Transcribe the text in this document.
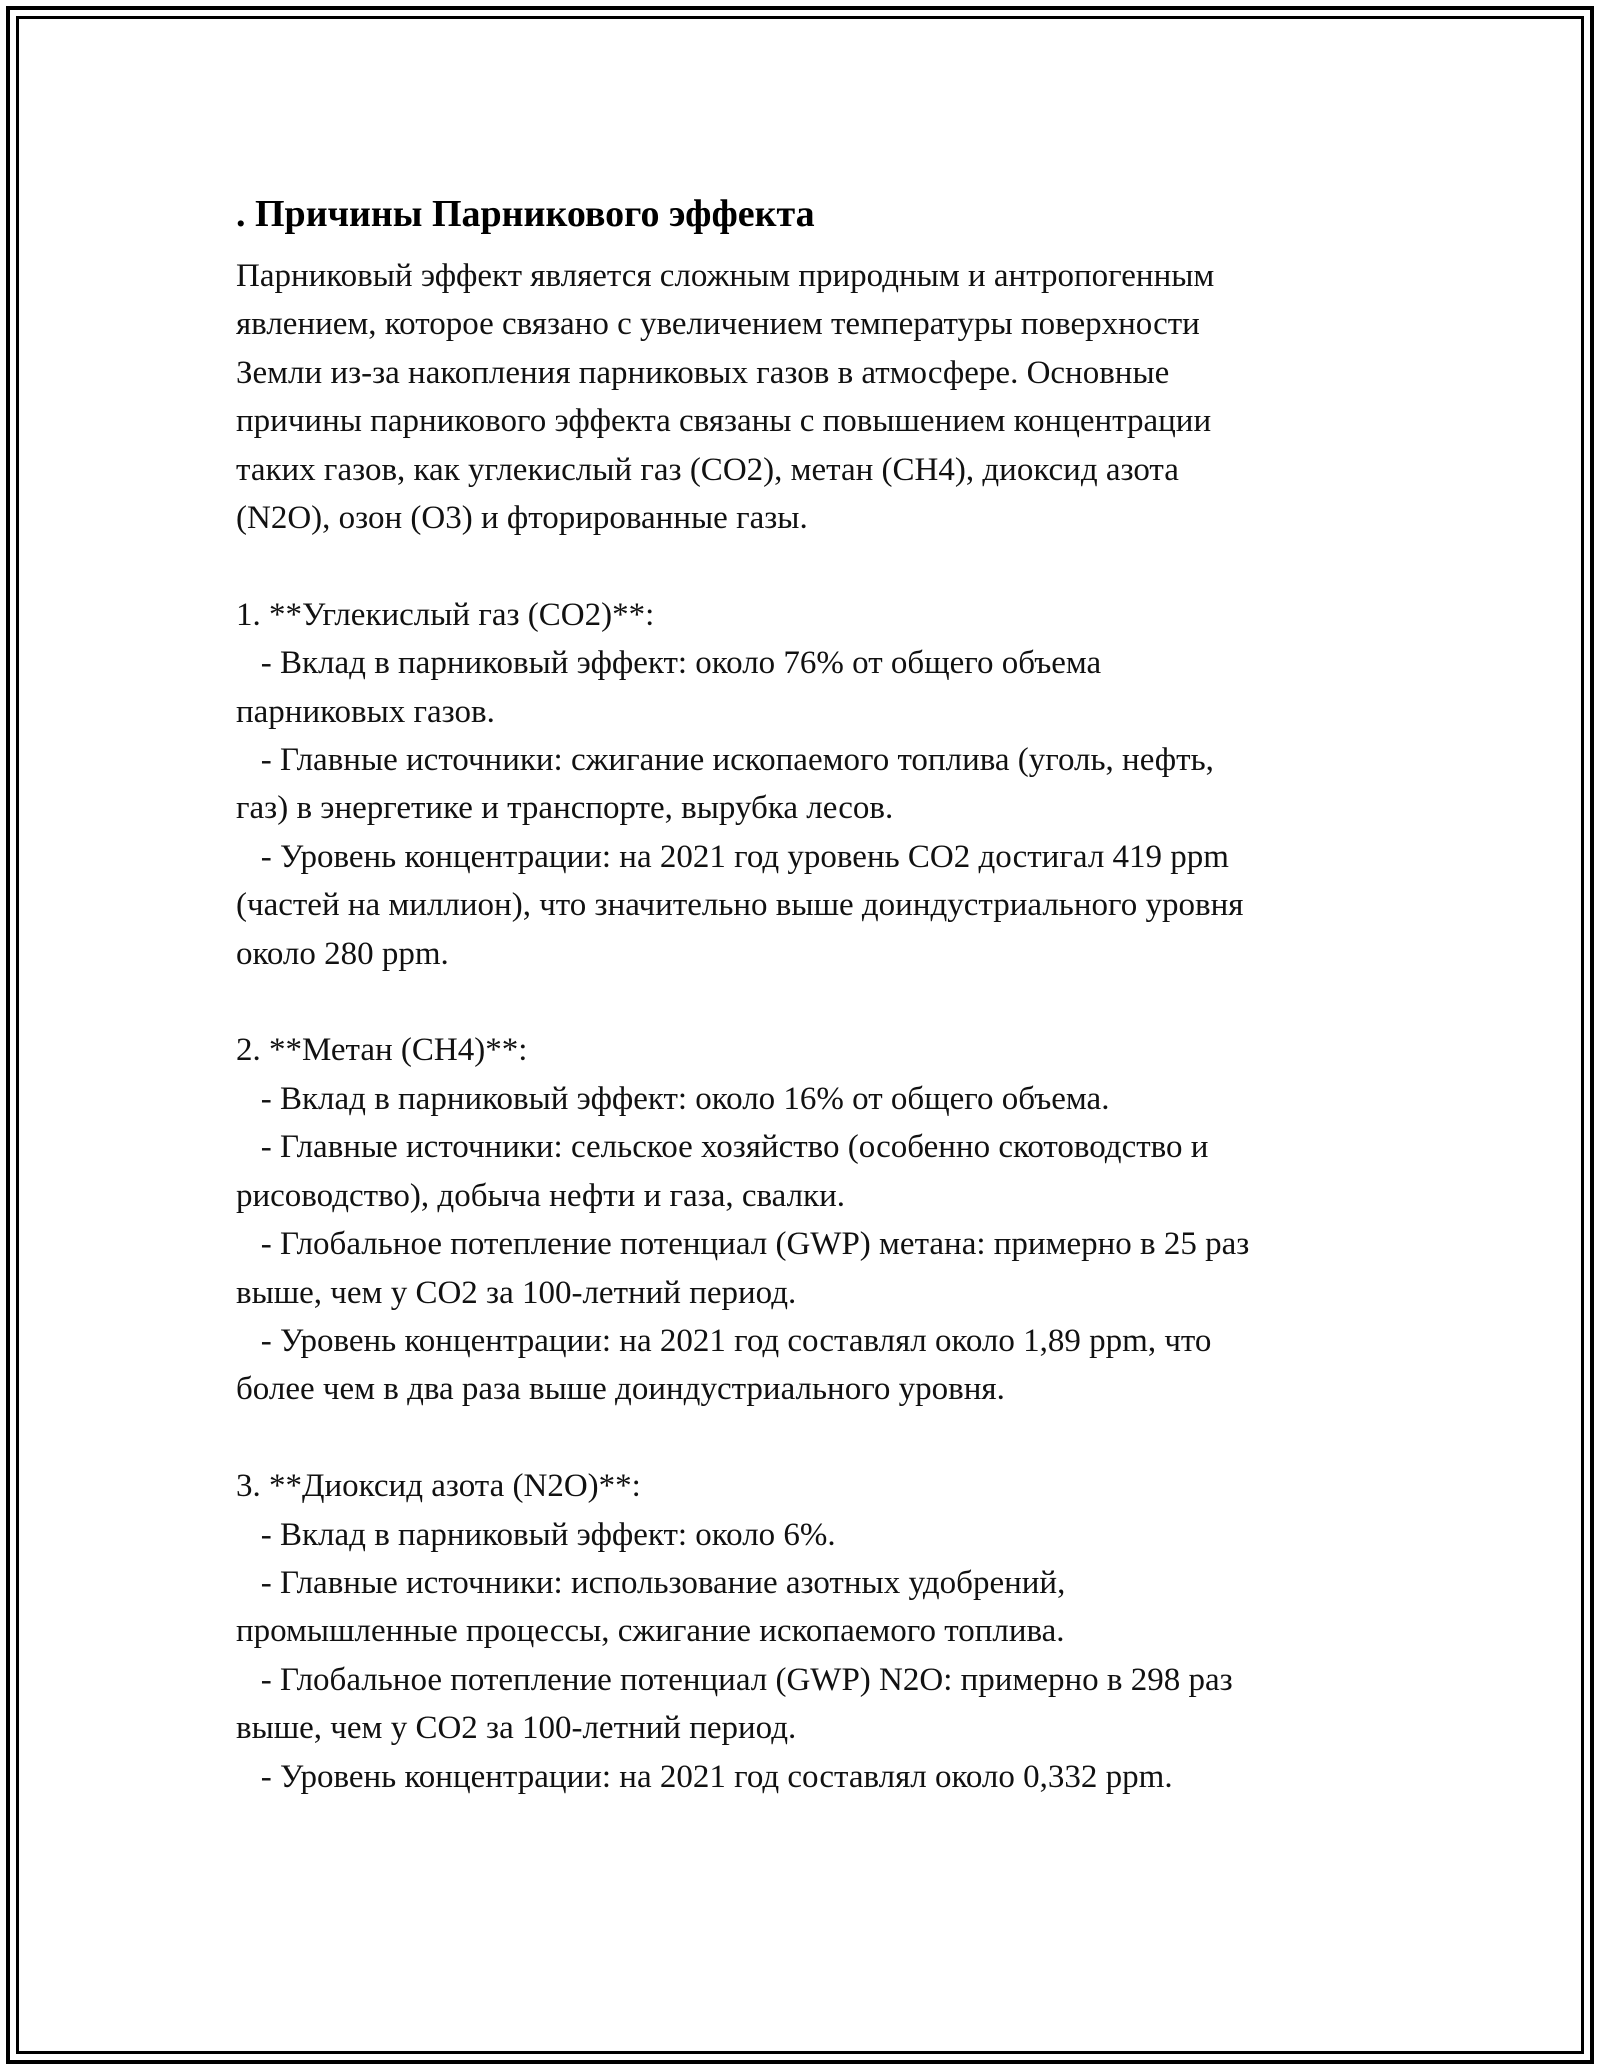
. Причины Парникового эффекта
Парниковый эффект является сложным природным и антропогенным
явлением, которое связано с увеличением температуры поверхности
Земли из-за накопления парниковых газов в атмосфере. Основные
причины парникового эффекта связаны с повышением концентрации
таких газов, как углекислый газ (CO2), метан (CH4), диоксид азота
(N2O), озон (O3) и фторированные газы.
1. **Углекислый газ (CO2)**:
- Вклад в парниковый эффект: около 76% от общего объема
парниковых газов.
- Главные источники: сжигание ископаемого топлива (уголь, нефть,
газ) в энергетике и транспорте, вырубка лесов.
- Уровень концентрации: на 2021 год уровень CO2 достигал 419 ppm
(частей на миллион), что значительно выше доиндустриального уровня
около 280 ppm.
2. **Метан (CH4)**:
- Вклад в парниковый эффект: около 16% от общего объема.
- Главные источники: сельское хозяйство (особенно скотоводство и
рисоводство), добыча нефти и газа, свалки.
- Глобальное потепление потенциал (GWP) метана: примерно в 25 раз
выше, чем у CO2 за 100-летний период.
- Уровень концентрации: на 2021 год составлял около 1,89 ppm, что
более чем в два раза выше доиндустриального уровня.
3. **Диоксид азота (N2O)**:
- Вклад в парниковый эффект: около 6%.
- Главные источники: использование азотных удобрений,
промышленные процессы, сжигание ископаемого топлива.
- Глобальное потепление потенциал (GWP) N2O: примерно в 298 раз
выше, чем у CO2 за 100-летний период.
- Уровень концентрации: на 2021 год составлял около 0,332 ppm.
